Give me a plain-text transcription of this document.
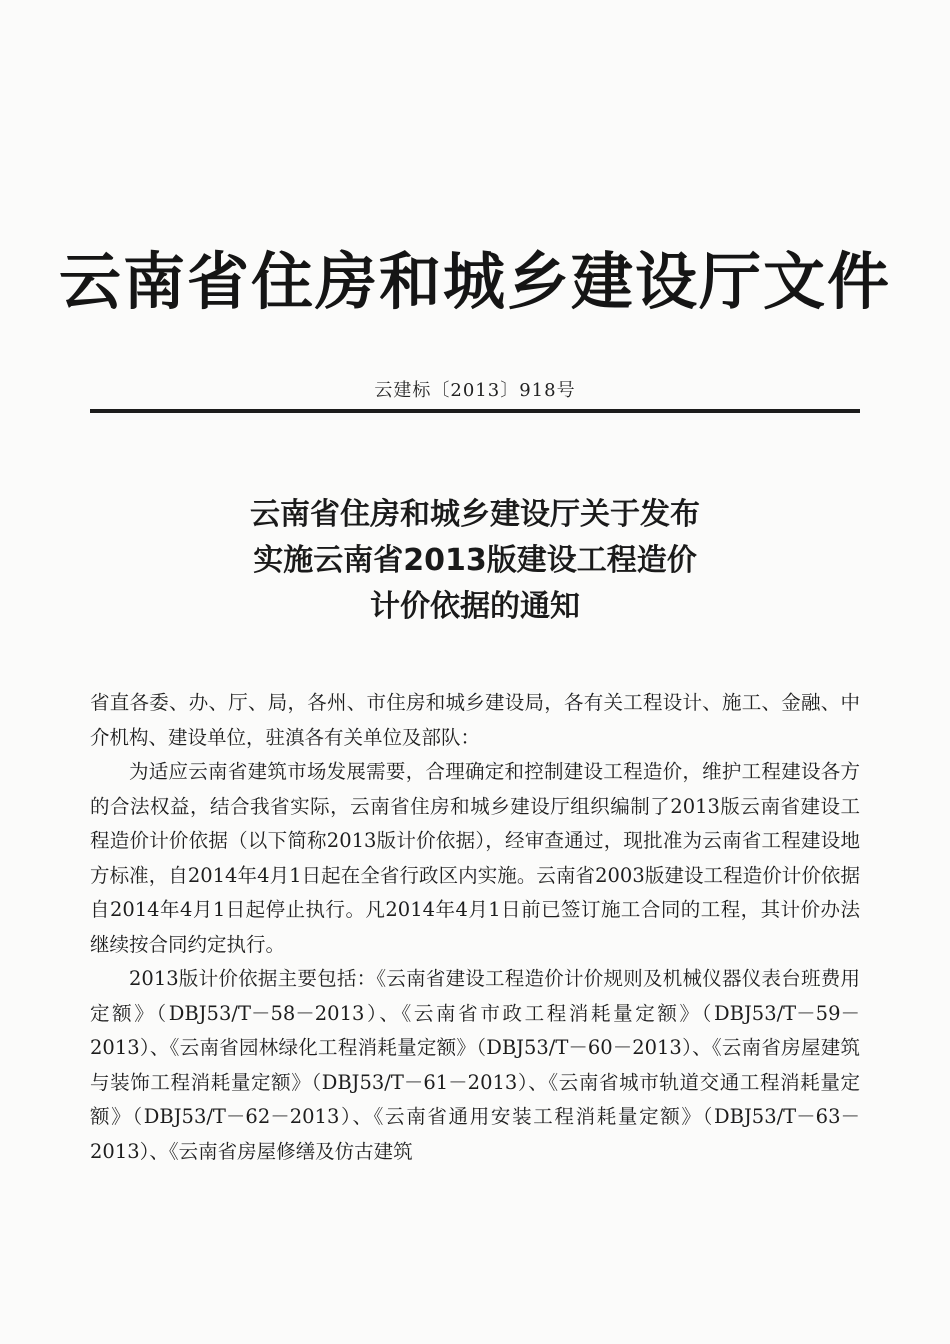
云南省住房和城乡建设厅文件
云建标〔2013〕918号
云南省住房和城乡建设厅关于发布
实施云南省2013版建设工程造价
计价依据的通知

省直各委、办、厅、局，各州、市住房和城乡建设局，各有关工程设计、施工、金融、中介机构、建设单位，驻滇各有关单位及部队：

为适应云南省建筑市场发展需要，合理确定和控制建设工程造价，维护工程建设各方的合法权益，结合我省实际，云南省住房和城乡建设厅组织编制了2013版云南省建设工程造价计价依据（以下简称2013版计价依据），经审查通过，现批准为云南省工程建设地方标准，自2014年4月1日起在全省行政区内实施。云南省2003版建设工程造价计价依据自2014年4月1日起停止执行。凡2014年4月1日前已签订施工合同的工程，其计价办法继续按合同约定执行。

2013版计价依据主要包括：《云南省建设工程造价计价规则及机械仪器仪表台班费用定额》（DBJ53/T－58－2013）、《云南省市政工程消耗量定额》（DBJ53/T－59－2013）、《云南省园林绿化工程消耗量定额》（DBJ53/T－60－2013）、《云南省房屋建筑与装饰工程消耗量定额》（DBJ53/T－61－2013）、《云南省城市轨道交通工程消耗量定额》（DBJ53/T－62－2013）、《云南省通用安装工程消耗量定额》（DBJ53/T－63－2013）、《云南省房屋修缮及仿古建筑
